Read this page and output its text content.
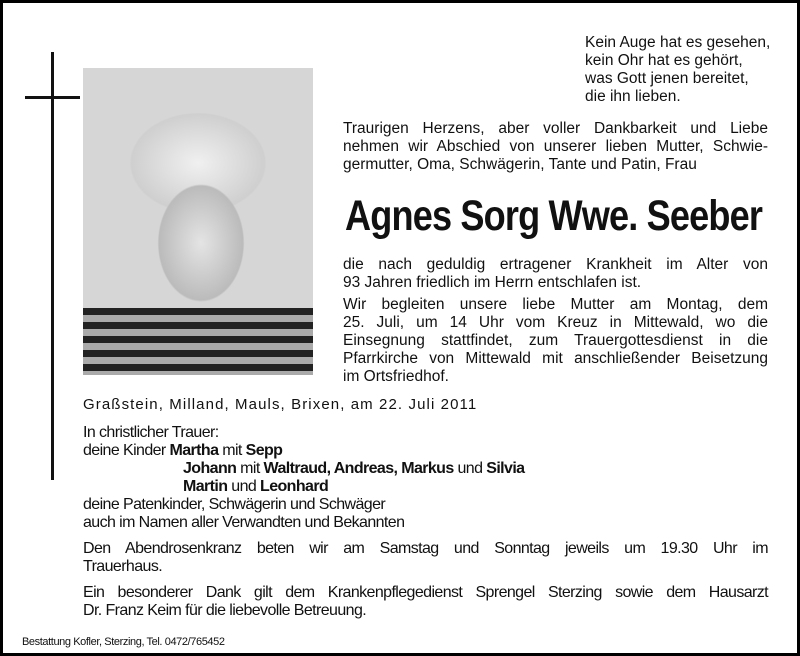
Kein Auge hat es gesehen,
kein Ohr hat es gehört,
was Gott jenen bereitet,
die ihn lieben.
Traurigen Herzens, aber voller Dankbarkeit und Liebe
nehmen wir Abschied von unserer lieben Mutter, Schwie-
germutter, Oma, Schwägerin, Tante und Patin, Frau
Agnes Sorg Wwe. Seeber
die nach geduldig ertragener Krankheit im Alter von
93 Jahren friedlich im Herrn entschlafen ist.
Wir begleiten unsere liebe Mutter am Montag, dem
25. Juli, um 14 Uhr vom Kreuz in Mittewald, wo die
Einsegnung stattfindet, zum Trauergottesdienst in die
Pfarrkirche von Mittewald mit anschließender Beisetzung
im Ortsfriedhof.
Graßstein, Milland, Mauls, Brixen, am 22. Juli 2011
In christlicher Trauer:
deine Kinder Martha mit Sepp
Johann mit Waltraud, Andreas, Markus und Silvia
Martin und Leonhard
deine Patenkinder, Schwägerin und Schwäger
auch im Namen aller Verwandten und Bekannten
Den Abendrosenkranz beten wir am Samstag und Sonntag jeweils um 19.30 Uhr im
Trauerhaus.
Ein besonderer Dank gilt dem Krankenpflegedienst Sprengel Sterzing sowie dem Hausarzt
Dr. Franz Keim für die liebevolle Betreuung.
Bestattung Kofler, Sterzing, Tel. 0472/765452
